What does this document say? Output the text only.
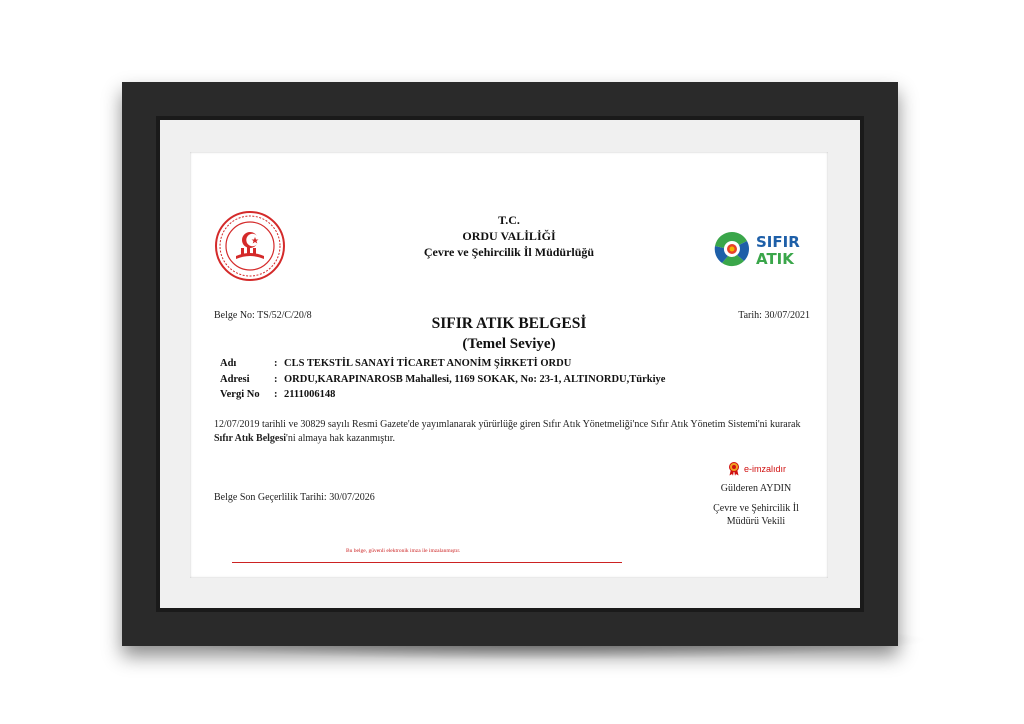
T.C.
ORDU VALİLİĞİ
Çevre ve Şehircilik İl Müdürlüğü
SIFIR
ATIK
Belge No: TS/52/C/20/8	Tarih: 30/07/2021
SIFIR ATIK BELGESİ
(Temel Seviye)
Adı	: CLS TEKSTİL SANAYİ TİCARET ANONİM ŞİRKETİ ORDU
Adresi	: ORDU,KARAPINAROSB Mahallesi, 1169 SOKAK, No: 23-1, ALTINORDU,Türkiye
Vergi No	: 2111006148
12/07/2019 tarihli ve 30829 sayılı Resmi Gazete'de yayımlanarak yürürlüğe giren Sıfır Atık Yönetmeliği'nce Sıfır Atık Yönetim Sistemi'ni kurarak Sıfır Atık Belgesi'ni almaya hak kazanmıştır.
e-imzalıdır
Gülderen AYDIN
Çevre ve Şehircilik İl
Müdürü Vekili
Belge Son Geçerlilik Tarihi: 30/07/2026
Bu belge, güvenli elektronik imza ile imzalanmıştır.
